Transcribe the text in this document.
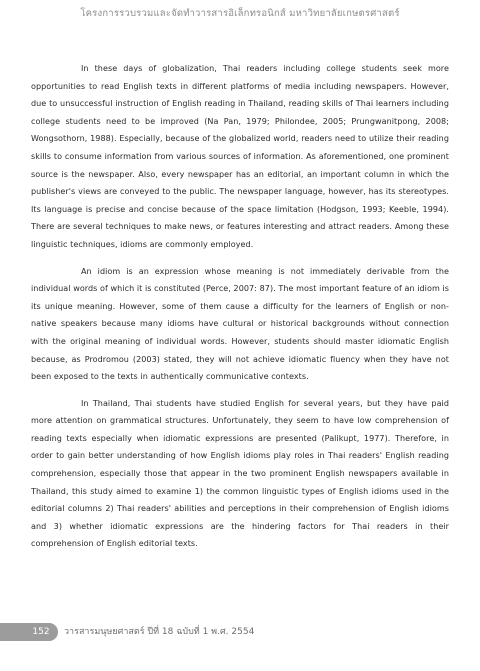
โครงการรวบรวมและจัดทำวารสารอิเล็กทรอนิกส์ มหาวิทยาลัยเกษตรศาสตร์

In these days of globalization, Thai readers including college students seek more opportunities to read English texts in different platforms of media including newspapers. However, due to unsuccessful instruction of English reading in Thailand, reading skills of Thai learners including college students need to be improved (Na Pan, 1979; Philondee, 2005; Prungwanitpong, 2008; Wongsothorn, 1988). Especially, because of the globalized world, readers need to utilize their reading skills to consume information from various sources of information. As aforementioned, one prominent source is the newspaper. Also, every newspaper has an editorial, an important column in which the publisher's views are conveyed to the public. The newspaper language, however, has its stereotypes. Its language is precise and concise because of the space limitation (Hodgson, 1993; Keeble, 1994). There are several techniques to make news, or features interesting and attract readers. Among these linguistic techniques, idioms are commonly employed.

An idiom is an expression whose meaning is not immediately derivable from the individual words of which it is constituted (Perce, 2007: 87). The most important feature of an idiom is its unique meaning. However, some of them cause a difficulty for the learners of English or non-native speakers because many idioms have cultural or historical backgrounds without connection with the original meaning of individual words. However, students should master idiomatic English because, as Prodromou (2003) stated, they will not achieve idiomatic fluency when they have not been exposed to the texts in authentically communicative contexts.

In Thailand, Thai students have studied English for several years, but they have paid more attention on grammatical structures. Unfortunately, they seem to have low comprehension of reading texts especially when idiomatic expressions are presented (Palikupt, 1977). Therefore, in order to gain better understanding of how English idioms play roles in Thai readers' English reading comprehension, especially those that appear in the two prominent English newspapers available in Thailand, this study aimed to examine 1) the common linguistic types of English idioms used in the editorial columns 2) Thai readers' abilities and perceptions in their comprehension of English idioms and 3) whether idiomatic expressions are the hindering factors for Thai readers in their comprehension of English editorial texts.

152	วารสารมนุษยศาสตร์ ปีที่ 18 ฉบับที่ 1 พ.ศ. 2554
